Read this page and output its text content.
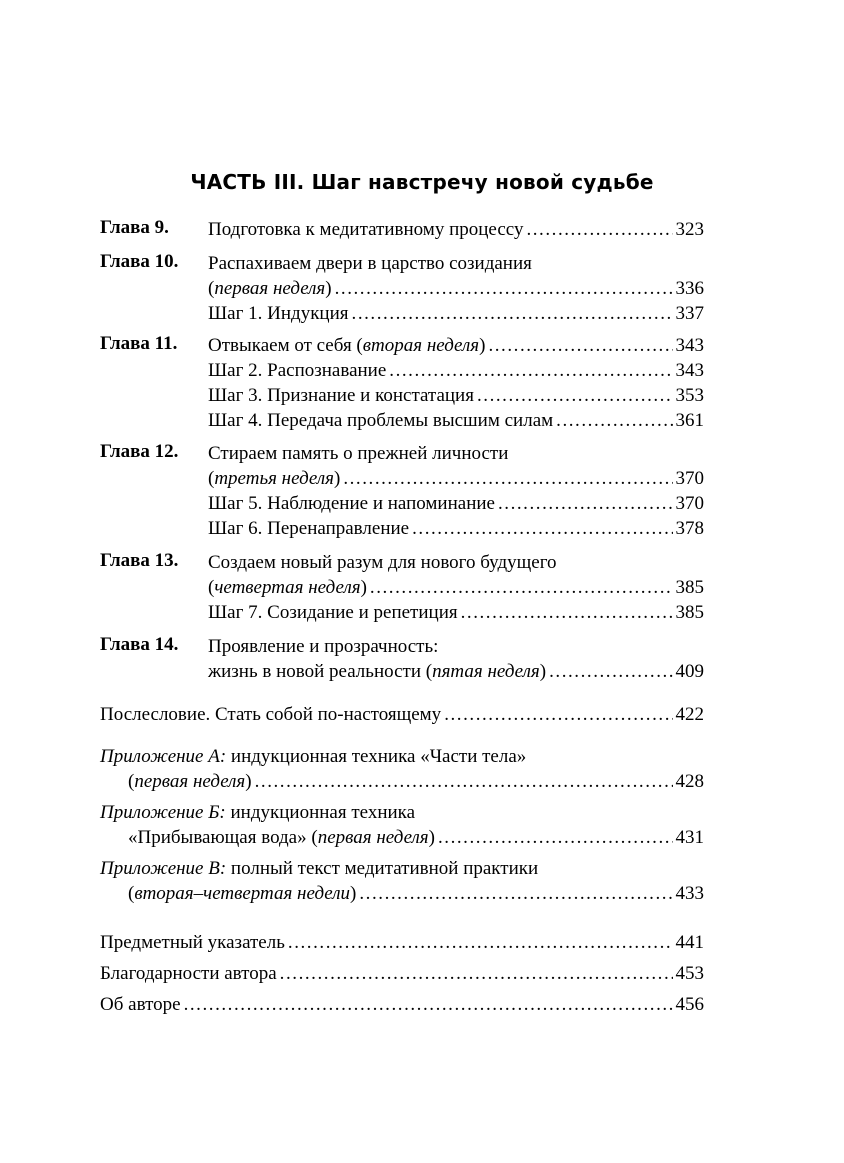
ЧАСТЬ III. Шаг навстречу новой судьбе
Глава 9. Подготовка к медитативному процессу . . .	323
Глава 10. Распахиваем двери в царство созидания
(первая неделя) . . .	336
Шаг 1. Индукция . . .	337
Глава 11. Отвыкаем от себя (вторая неделя) . . .	343
Шаг 2. Распознавание . . .	343
Шаг 3. Признание и констатация . . .	353
Шаг 4. Передача проблемы высшим силам . . .	361
Глава 12. Стираем память о прежней личности
(третья неделя) . . .	370
Шаг 5. Наблюдение и напоминание . . .	370
Шаг 6. Перенаправление . . .	378
Глава 13. Создаем новый разум для нового будущего
(четвертая неделя) . . .	385
Шаг 7. Созидание и репетиция . . .	385
Глава 14. Проявление и прозрачность:
жизнь в новой реальности (пятая неделя) . . .	409
Послесловие. Стать собой по-настоящему . . .	422
Приложение А: индукционная техника «Части тела»
(первая неделя) . . .	428
Приложение Б: индукционная техника
«Прибывающая вода» (первая неделя) . . .	431
Приложение В: полный текст медитативной практики
(вторая–четвертая недели) . . .	433
Предметный указатель . . .	441
Благодарности автора . . .	453
Об авторе . . .	456
